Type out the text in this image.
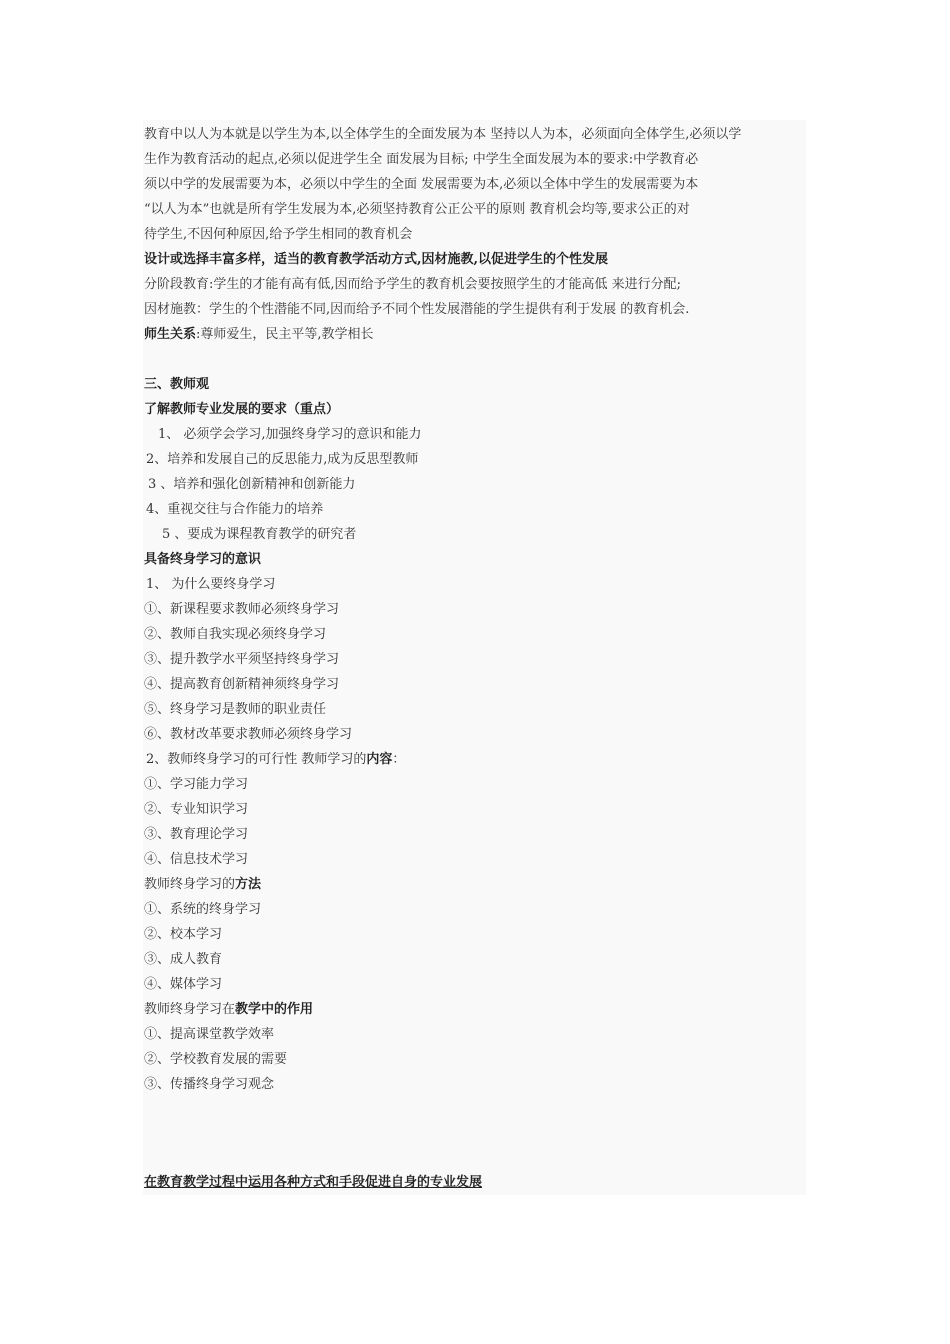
教育中以人为本就是以学生为本,以全体学生的全面发展为本 坚持以人为本，必须面向全体学生,必须以学
生作为教育活动的起点,必须以促进学生全 面发展为目标; 中学生全面发展为本的要求:中学教育必
须以中学的发展需要为本，必须以中学生的全面 发展需要为本,必须以全体中学生的发展需要为本
“以人为本”也就是所有学生发展为本,必须坚持教育公正公平的原则 教育机会均等,要求公正的对
待学生,不因何种原因,给予学生相同的教育机会
设计或选择丰富多样，适当的教育教学活动方式,因材施教,以促进学生的个性发展
分阶段教育:学生的才能有高有低,因而给予学生的教育机会要按照学生的才能高低 来进行分配;
因材施教：学生的个性潜能不同,因而给予不同个性发展潜能的学生提供有利于发展 的教育机会.
师生关系:尊师爱生，民主平等,教学相长
三、教师观
了解教师专业发展的要求（重点）
1、 必须学会学习,加强终身学习的意识和能力
2、培养和发展自己的反思能力,成为反思型教师
3 、培养和强化创新精神和创新能力
4、重视交往与合作能力的培养
5 、要成为课程教育教学的研究者
具备终身学习的意识
1、 为什么要终身学习
①、新课程要求教师必须终身学习
②、教师自我实现必须终身学习
③、提升教学水平须坚持终身学习
④、提高教育创新精神须终身学习
⑤、终身学习是教师的职业责任
⑥、教材改革要求教师必须终身学习
2、教师终身学习的可行性 教师学习的内容：
①、学习能力学习
②、专业知识学习
③、教育理论学习
④、信息技术学习
教师终身学习的方法
①、系统的终身学习
②、校本学习
③、成人教育
④、媒体学习
教师终身学习在教学中的作用
①、提高课堂教学效率
②、学校教育发展的需要
③、传播终身学习观念
在教育教学过程中运用各种方式和手段促进自身的专业发展
